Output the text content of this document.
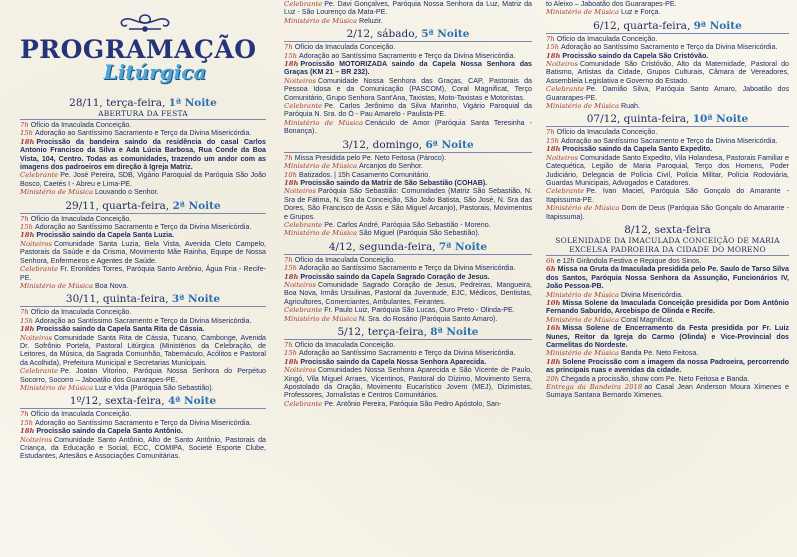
PROGRAMAÇÃO
Litúrgica
28/11, terça-feira, 1ª Noite
ABERTURA DA FESTA
7h Ofício da Imaculada Conceição.
15h Adoração ao Santíssimo Sacramento e Terço da Divina Misericórdia.
18h Procissão da bandeira saindo da residência do casal Carlos Antonio Francisco da Silva e Ada Lúcia Barbosa, Rua Conde da Boa Vista, 104, Centro. Todas as comunidades, trazendo um andor com as imagens dos padroeiros em direção à Igreja Matriz.
Celebrante Pe. José Pereira, SDB, Vigário Paroquial da Paróquia São João Bosco, Caetés I - Abreu e Lima-PE.
Ministério de Música Louvando o Senhor.
29/11, quarta-feira, 2ª Noite
7h Ofício da Imaculada Conceição.
15h Adoração ao Santíssimo Sacramento e Terço da Divina Misericórdia.
18h Procissão saindo da Capela Santa Luzia.
Noiteiros Comunidade Santa Luzia, Bela Vista, Avenida Cleto Campelo, Pastorais da Saúde e da Crisma, Movimento Mãe Rainha, Equipe de Nossa Senhora, Enfermeiros e Agentes de Saúde.
Celebrante Fr. Eronildes Torres, Paróquia Santo Antônio, Água Fria - Recife-PE.
Ministério de Música Boa Nova.
30/11, quinta-feira, 3ª Noite
7h Ofício da Imaculada Conceição.
15h Adoração ao Santíssimo Sacramento e Terço da Divina Misericórdia.
18h Procissão saindo da Capela Santa Rita de Cássia.
Noiteiros Comunidade Santa Rita de Cássia, Tucano, Cambonge, Avenida Dr. Sofrônio Portela, Pastoral Litúrgica (Ministérios da Celebração, de Leitores, da Música, da Sagrada Comunhão, Tabernáculo, Acólitos e Pastoral da Acolhida), Prefeitura Municipal e Secretarias Municipais.
Celebrante Pe. Joatan Vitorino, Paróquia Nossa Senhora do Perpétuo Socorro, Socorro – Jaboatão dos Guararapes-PE.
Ministério de Música Luz e Vida (Paróquia São Sebastião).
1º/12, sexta-feira, 4ª Noite
7h Ofício da Imaculada Conceição.
15h Adoração ao Santíssimo Sacramento e Terço da Divina Misericórdia.
18h Procissão saindo da Capela Santo Antônio.
Noiteiros Comunidade Santo Antônio, Alto de Santo Antônio, Pastorais da Criança, da Educação e Social, ECC, COMIPA, Societé Esporte Clube, Estudantes, Artesãos e Associações Comunitárias.
Celebrante Pe. Davi Gonçalves, Paróquia Nossa Senhora da Luz, Matriz da Luz - São Lourenço da Mata-PE.
Ministério de Música Reluzir.
2/12, sábado, 5ª Noite
7h Ofício da Imaculada Conceição.
15h Adoração ao Santíssimo Sacramento e Terço da Divina Misericórdia.
18h Procissão MOTORIZADA saindo da Capela Nossa Senhora das Graças (KM 21 – BR 232).
Noiteiros Comunidade Nossa Senhora das Graças, CAP, Pastorais da Pessoa Idosa e da Comunicação (PASCOM), Coral Magnificat, Terço Comunitário, Grupo Senhora Sant'Ana, Taxistas, Moto-Taxistas e Motoristas.
Celebrante Pe. Carlos Jerônimo da Silva Marinho, Vigário Paroquial da Paróquia N. Sra. do Ó - Pau Amarelo - Paulista-PE.
Ministério de Música Cenáculo de Amor (Paróquia Santa Teresinha - Bonança).
3/12, domingo, 6ª Noite
7h Missa Presidida pelo Pe. Neto Feitosa (Pároco).
Ministério de Música Arcanjos do Senhor.
10h Batizados. | 15h Casamento Comunitário.
18h Procissão saindo da Matriz de São Sebastião (COHAB).
Noiteiros Paróquia São Sebastião: Comunidades (Matriz São Sebastião, N. Sra de Fátima, N. Sra da Conceição, São João Batista, São José, N. Sra das Dores, São Francisco de Assis e São Miguel Arcanjo), Pastorais, Movimentos e Grupos.
Celebrante Pe. Carlos André, Paróquia São Sebastião - Moreno.
Ministério de Música São Miguel (Paróquia São Sebastião).
4/12, segunda-feira, 7ª Noite
7h Ofício da Imaculada Conceição.
15h Adoração ao Santíssimo Sacramento e Terço da Divina Misericórdia.
18h Procissão saindo da Capela Sagrado Coração de Jesus.
Noiteiros Comunidade Sagrado Coração de Jesus, Pedreiras, Mangueira, Boa Nova, Irmãs Ursulinas, Pastoral da Juventude, EJC, Médicos, Dentistas, Agricultores, Comerciantes, Ambulantes, Feirantes.
Celebrante Fr. Paulo Luiz, Paróquia São Lucas, Ouro Preto - Olinda-PE.
Ministério de Música N. Sra. do Rosário (Paróquia Santo Amaro).
5/12, terça-feira, 8ª Noite
7h Ofício da Imaculada Conceição.
15h Adoração ao Santíssimo Sacramento e Terço da Divina Misericórdia.
18h Procissão saindo da Capela Nossa Senhora Aparecida.
Noiteiros Comunidades Nossa Senhora Aparecida e São Vicente de Paulo, Xingó, Vila Miguel Arraes, Vicentinos, Pastoral do Dízimo, Movimento Serra, Apostolado da Oração, Movimento Eucarístico Jovem (MEJ), Dizimistas, Professores, Jornalistas e Centros Comunitários.
Celebrante Pe. Antônio Pereira, Paróquia São Pedro Apóstolo, San-
to Aleixo – Jaboatão dos Guararapes-PE.
Ministério de Música Luz e Força.
6/12, quarta-feira, 9ª Noite
7h Ofício da Imaculada Conceição.
15h Adoração ao Santíssimo Sacramento e Terço da Divina Misericórdia.
18h Procissão saindo da Capela São Cristóvão.
Noiteiros Comunidade São Cristóvão, Alto da Maternidade, Pastoral do Batismo, Artistas da Cidade, Grupos Culturais, Câmara de Vereadores, Assembleia Legislativa e Governo do Estado.
Celebrante Pe. Damião Silva, Paróquia Santo Amaro, Jaboatão dos Guararapes-PE.
Ministério de Música Ruah.
07/12, quinta-feira, 10ª Noite
7h Ofício da Imaculada Conceição.
15h Adoração ao Santíssimo Sacramento e Terço da Divina Misericórdia.
18h Procissão saindo da Capela Santo Expedito.
Noiteiros Comunidade Santo Expedito, Vila Holandesa, Pastorais Familiar e Catequética, Legião de Maria Paroquial, Terço dos Homens, Poder Judiciário, Delegacia de Polícia Civil, Polícia Militar, Polícia Rodoviária, Guardas Municipais, Advogados e Catadores.
Celebrante Pe. Ivan Maciel, Paróquia São Gonçalo do Amarante - Itapissuma-PE.
Ministério de Música Dom de Deus (Paróquia São Gonçalo do Amarante - Itapissuma).
8/12, sexta-feira
SOLENIDADE DA IMACULADA CONCEIÇÃO DE MARIA EXCELSA PADROEIRA DA CIDADE DO MORENO
6h e 12h Girândola Festiva e Repique dos Sinos.
6h Missa na Gruta da Imaculada presidida pelo Pe. Saulo de Tarso Silva dos Santos, Paróquia Nossa Senhora da Assunção, Funcionários IV, João Pessoa-PB.
Ministério de Música Divina Misericórdia.
10h Missa Solene da Imaculada Conceição presidida por Dom Antônio Fernando Saburido, Arcebispo de Olinda e Recife.
Ministério de Música Coral Magnificat.
16h Missa Solene de Encerramento da Festa presidida por Fr. Luiz Nunes, Reitor da Igreja do Carmo (Olinda) e Vice-Provincial dos Carmelitas do Nordeste.
Ministério de Música Banda Pe. Neto Feitosa.
18h Solene Procissão com a imagem da nossa Padroeira, percorrendo as principais ruas e avenidas da cidade.
20h Chegada a procissão, show com Pe. Neto Feitosa e Banda.
Entrega da Bandeira 2018 ao Casal Jean Anderson Moura Ximenes e Sumaya Santana Bernardo Ximenes.
